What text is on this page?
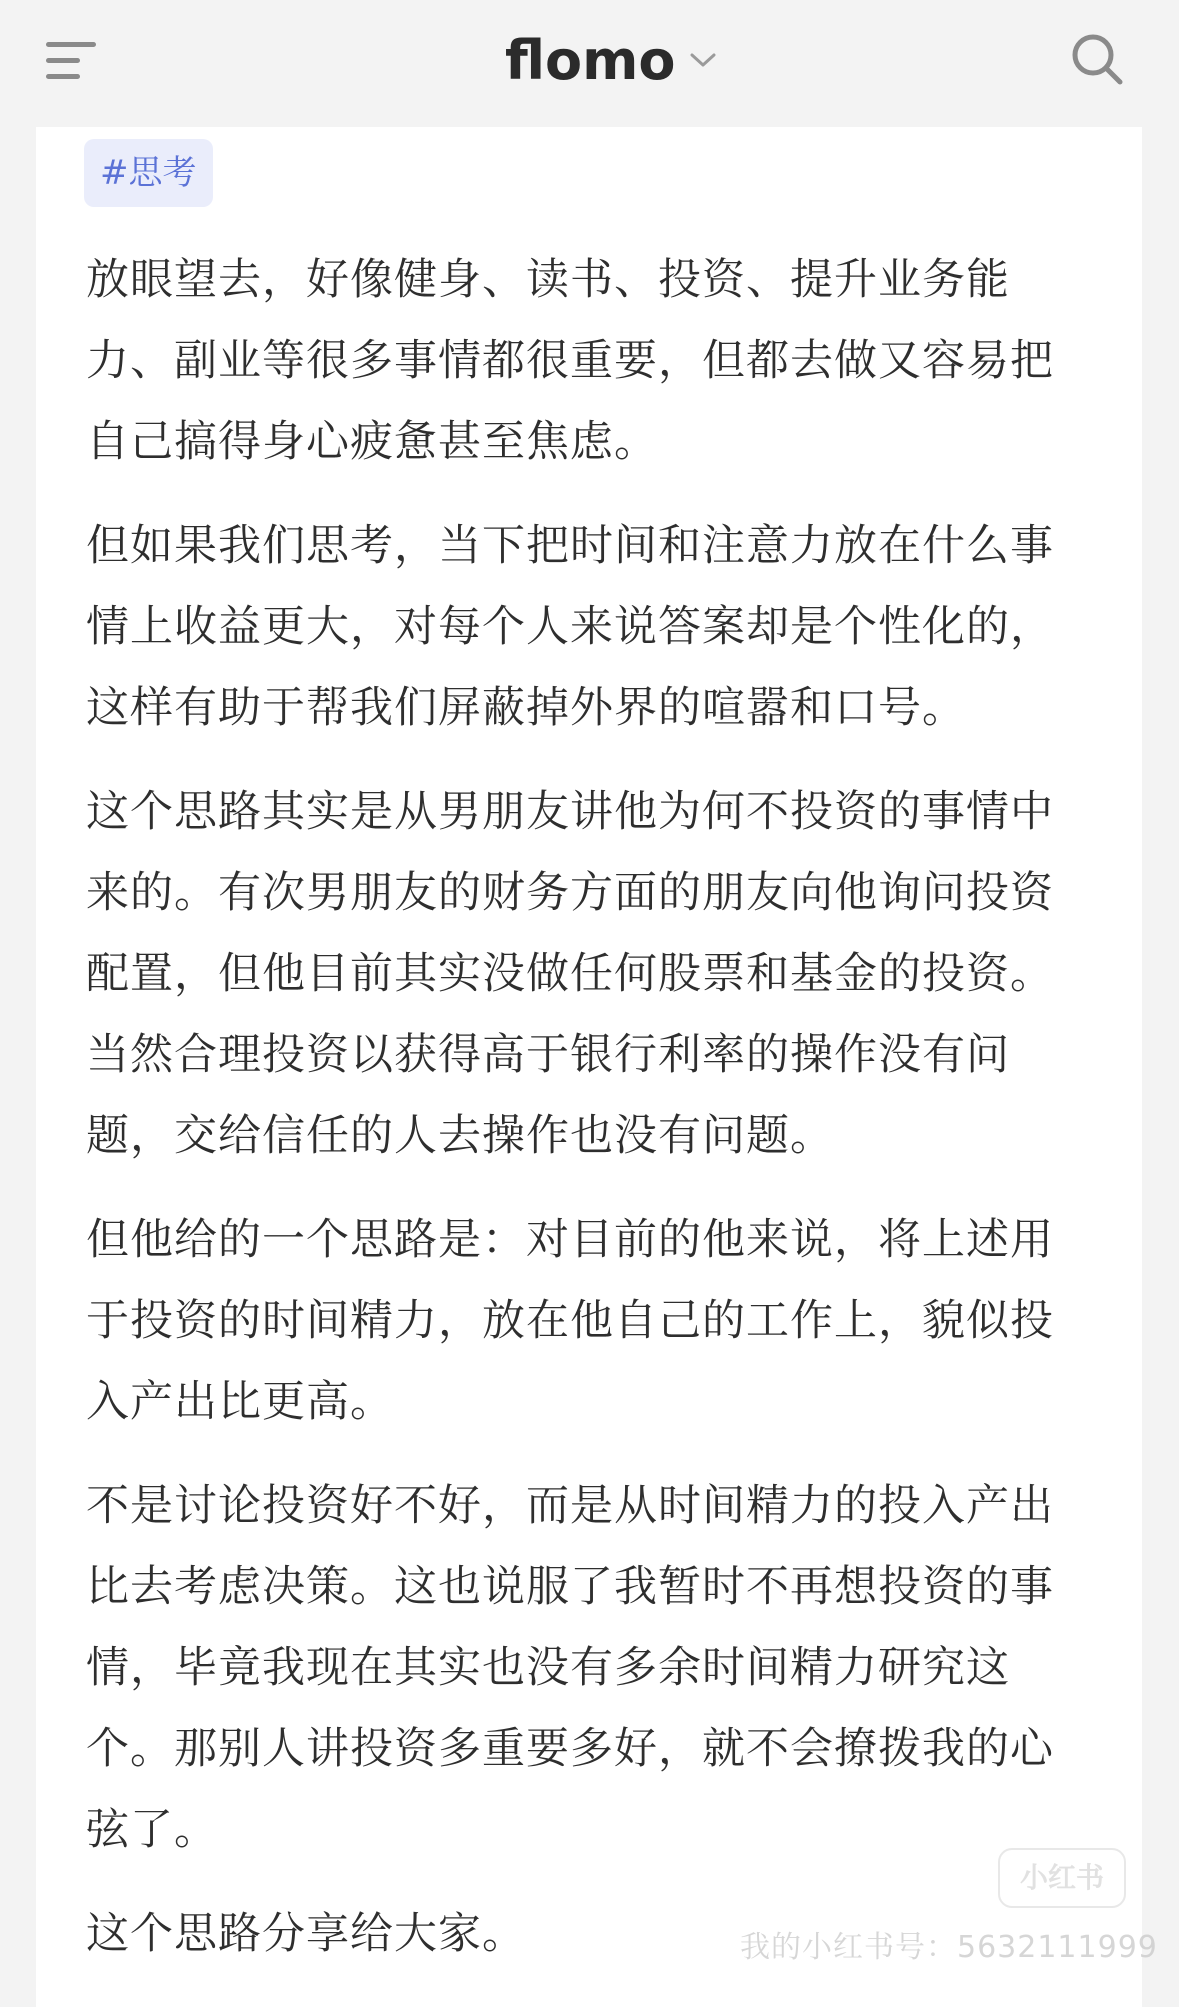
flomo
#思考

放眼望去，好像健身、读书、投资、提升业务能力、副业等很多事情都很重要，但都去做又容易把自己搞得身心疲惫甚至焦虑。

但如果我们思考，当下把时间和注意力放在什么事情上收益更大，对每个人来说答案却是个性化的，这样有助于帮我们屏蔽掉外界的喧嚣和口号。

这个思路其实是从男朋友讲他为何不投资的事情中来的。有次男朋友的财务方面的朋友向他询问投资配置，但他目前其实没做任何股票和基金的投资。当然合理投资以获得高于银行利率的操作没有问题，交给信任的人去操作也没有问题。

但他给的一个思路是：对目前的他来说，将上述用于投资的时间精力，放在他自己的工作上，貌似投入产出比更高。

不是讨论投资好不好，而是从时间精力的投入产出比去考虑决策。这也说服了我暂时不再想投资的事情，毕竟我现在其实也没有多余时间精力研究这个。那别人讲投资多重要多好，就不会撩拨我的心弦了。

这个思路分享给大家。

小红书
我的小红书号：5632111999
